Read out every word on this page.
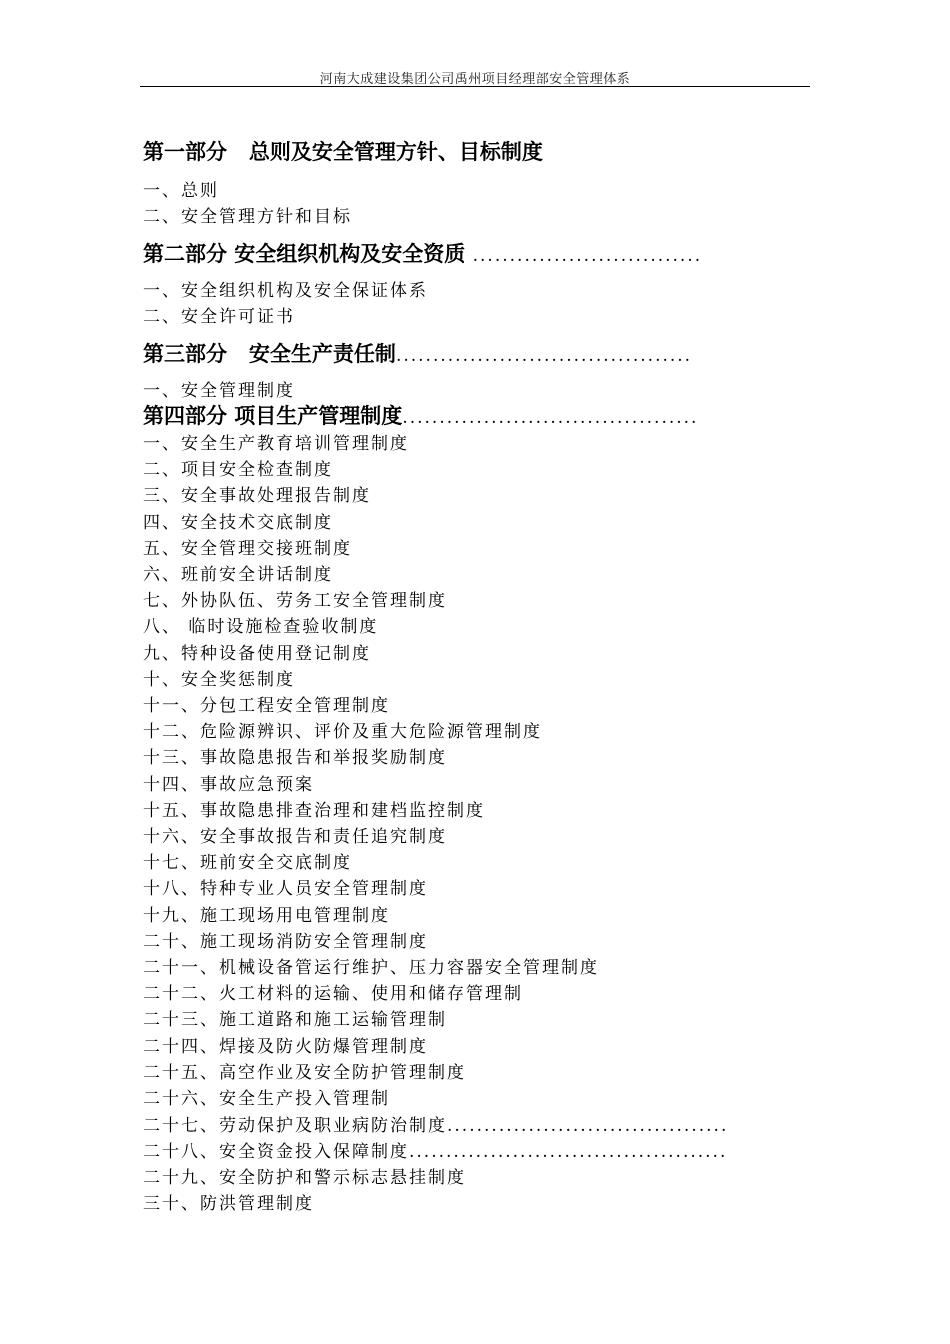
河南大成建设集团公司禹州项目经理部安全管理体系
第一部分   总则及安全管理方针、目标制度
一、总则
二、安全管理方针和目标
第二部分 安全组织机构及安全资质 ...............................
一、安全组织机构及安全保证体系
二、安全许可证书
第三部分   安全生产责任制........................................
一、安全管理制度
第四部分 项目生产管理制度........................................
一、安全生产教育培训管理制度
二、项目安全检查制度
三、安全事故处理报告制度
四、安全技术交底制度
五、安全管理交接班制度
六、班前安全讲话制度
七、外协队伍、劳务工安全管理制度
八、 临时设施检查验收制度
九、特种设备使用登记制度
十、安全奖惩制度
十一、分包工程安全管理制度
十二、危险源辨识、评价及重大危险源管理制度
十三、事故隐患报告和举报奖励制度
十四、事故应急预案
十五、事故隐患排查治理和建档监控制度
十六、安全事故报告和责任追究制度
十七、班前安全交底制度
十八、特种专业人员安全管理制度
十九、施工现场用电管理制度
二十、施工现场消防安全管理制度
二十一、机械设备管运行维护、压力容器安全管理制度
二十二、火工材料的运输、使用和储存管理制
二十三、施工道路和施工运输管理制
二十四、焊接及防火防爆管理制度
二十五、高空作业及安全防护管理制度
二十六、安全生产投入管理制
二十七、劳动保护及职业病防治制度......................................
二十八、安全资金投入保障制度...........................................
二十九、安全防护和警示标志悬挂制度
三十、防洪管理制度
